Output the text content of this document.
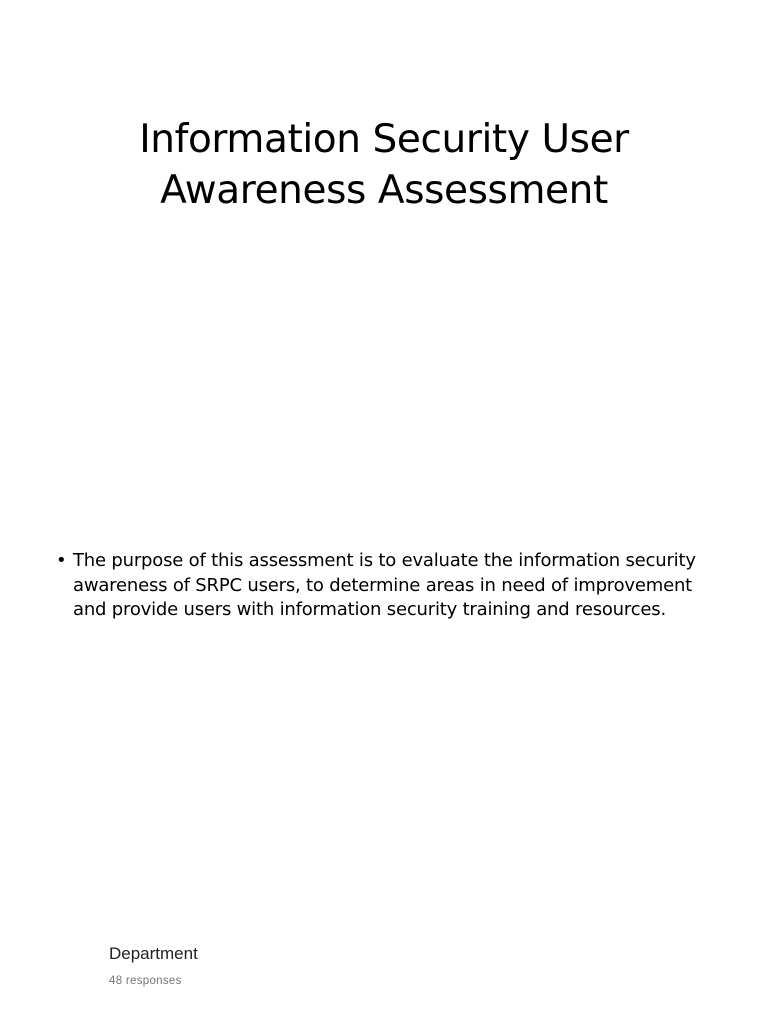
Information Security User
Awareness Assessment
• The purpose of this assessment is to evaluate the information security
awareness of SRPC users, to determine areas in need of improvement
and provide users with information security training and resources.
Department
48 responses
